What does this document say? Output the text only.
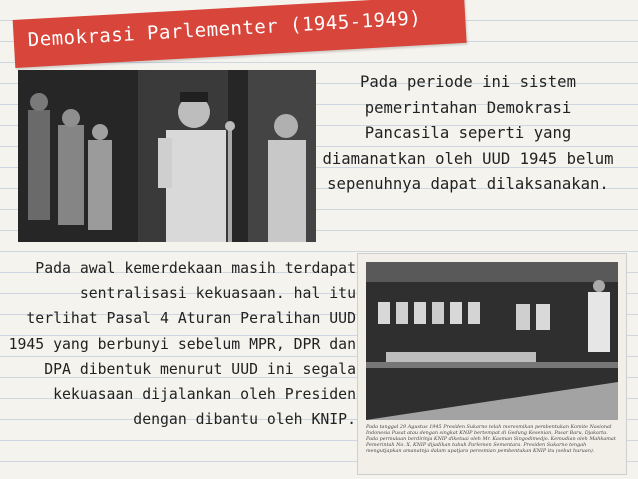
Demokrasi Parlementer (1945-1949)
Pada periode ini sistem pemerintahan Demokrasi Pancasila seperti yang diamanatkan oleh UUD 1945 belum sepenuhnya dapat dilaksanakan.
Pada awal kemerdekaan masih terdapat sentralisasi kekuasaan. hal itu terlihat Pasal 4 Aturan Peralihan UUD 1945 yang berbunyi sebelum MPR, DPR dan DPA dibentuk menurut UUD ini segala kekuasaan dijalankan oleh Presiden dengan dibantu oleh KNIP. Pada tanggal 29 Agustus 1945 Presiden Sukarno telah meresmikan pembentukan Komite Nasional Indonesia Pusat atau dengan singkat KNIP bertempat di Gedung Kesenian, Pasar Baru, Djakarta. Pada permulaan berdirinja KNIP diketuai oleh Mr. Kasman Singodimedjo. Kemudian oleh Mahkamat Pemerintah No. X, KNIP dijadikan tubuh Parlemen Sementara. Presiden Sukarno tengah mengutjapkan amanatnja dalam upatjara peresmian pembentukan KNIP itu (sebut huruan).
